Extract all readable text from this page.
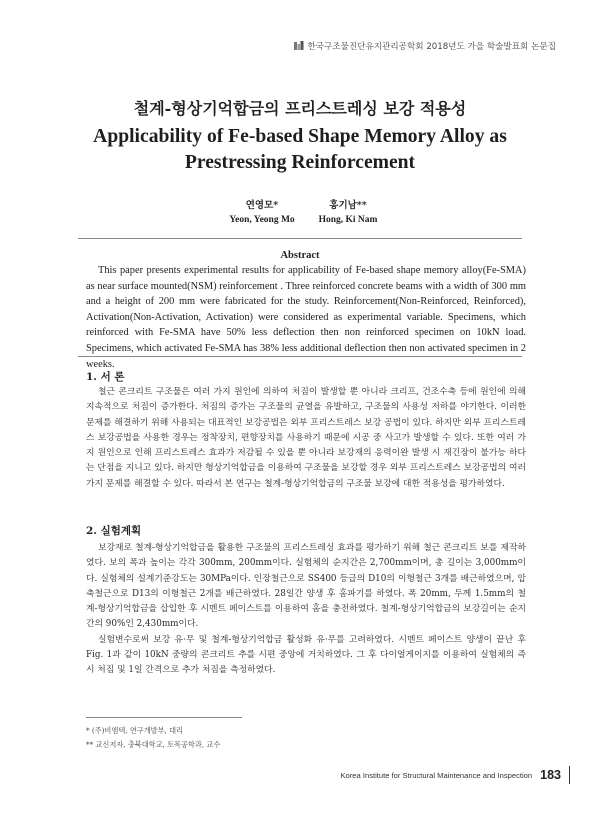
한국구조물진단유지관리공학회 2018년도 가을 학술발표회 논문집
철계-형상기억합금의 프리스트레싱 보강 적용성
Applicability of Fe-based Shape Memory Alloy as Prestressing Reinforcement
연영모*
Yeon, Yeong Mo
홍기남**
Hong, Ki Nam
Abstract
This paper presents experimental results for applicability of Fe-based shape memory alloy(Fe-SMA) as near surface mounted(NSM) reinforcement . Three reinforced concrete beams with a width of 300 mm and a height of 200 mm were fabricated for the study. Reinforcement(Non-Reinforced, Reinforced), Activation(Non-Activation, Activation) were considered as experimental variable. Specimens, which reinforced with Fe-SMA have 50% less deflection then non reinforced specimen on 10kN load. Specimens, which activated Fe-SMA has 38% less additional deflection then non activated specimen in 2 weeks.
1. 서 론

철근 콘크리트 구조물은 여러 가지 원인에 의하여 처짐이 발생할 뿐 아니라 크리프, 건조수축 등에 원인에 의해 지속적으로 처짐이 증가한다. 처짐의 증가는 구조물의 균열을 유발하고, 구조물의 사용성 저하를 야기한다. 이러한 문제를 해결하기 위해 사용되는 대표적인 보강공법은 외부 프리스트레스 보강 공법이 있다. 하지만 외부 프리스트레스 보강공법을 사용한 경우는 정착장치, 편향장치를 사용하기 때문에 시공 중 사고가 발생할 수 있다. 또한 여러 가지 원인으로 인해 프리스트레스 효과가 저감될 수 있을 뿐 아니라 보강재의 응력이완 발생 시 재긴장이 불가능 하다는 단점을 지니고 있다. 하지만 형상기억합금을 이용하여 구조물을 보강할 경우 외부 프리스트레스 보강공법의 여러 가지 문제를 해결할 수 있다. 따라서 본 연구는 철계-형상기억합금의 구조물 보강에 대한 적용성을 평가하였다.

2. 실험계획

보강재로 철계-형상기억합금을 활용한 구조물의 프리스트레싱 효과를 평가하기 위해 철근 콘크리트 보를 제작하였다. 보의 폭과 높이는 각각 300mm, 200mm이다. 실험체의 순지간은 2,700mm이며, 총 길이는 3,000mm이다. 실험체의 설계기준강도는 30MPa이다. 인장철근으로 SS400 등급의 D10의 이형철근 3개를 배근하였으며, 압축철근으로 D13의 이형철근 2개를 배근하였다. 28일간 양생 후 홈파기를 하였다. 폭 20mm, 두께 1.5mm의 철계-형상기억합금을 삽입한 후 시멘트 페이스트를 이용하여 홈을 충전하였다. 철계-형상기억합금의 보강길이는 순지간의 90%인 2,430mm이다.

실험변수로써 보강 유·무 및 철계-형상기억합금 활성화 유·무를 고려하였다. 시멘트 페이스트 양생이 끝난 후 Fig. 1과 같이 10kN 중량의 콘크리트 추를 시편 중앙에 거치하였다. 그 후 다이얼게이지를 이용하여 실험체의 즉시 처짐 및 1일 간격으로 추가 처짐을 측정하였다.

* (주)비엠텍, 연구개발부, 대리
** 교신저자, 충북대학교, 토목공학과, 교수
Korea Institute for Structural Maintenance and Inspection 183
